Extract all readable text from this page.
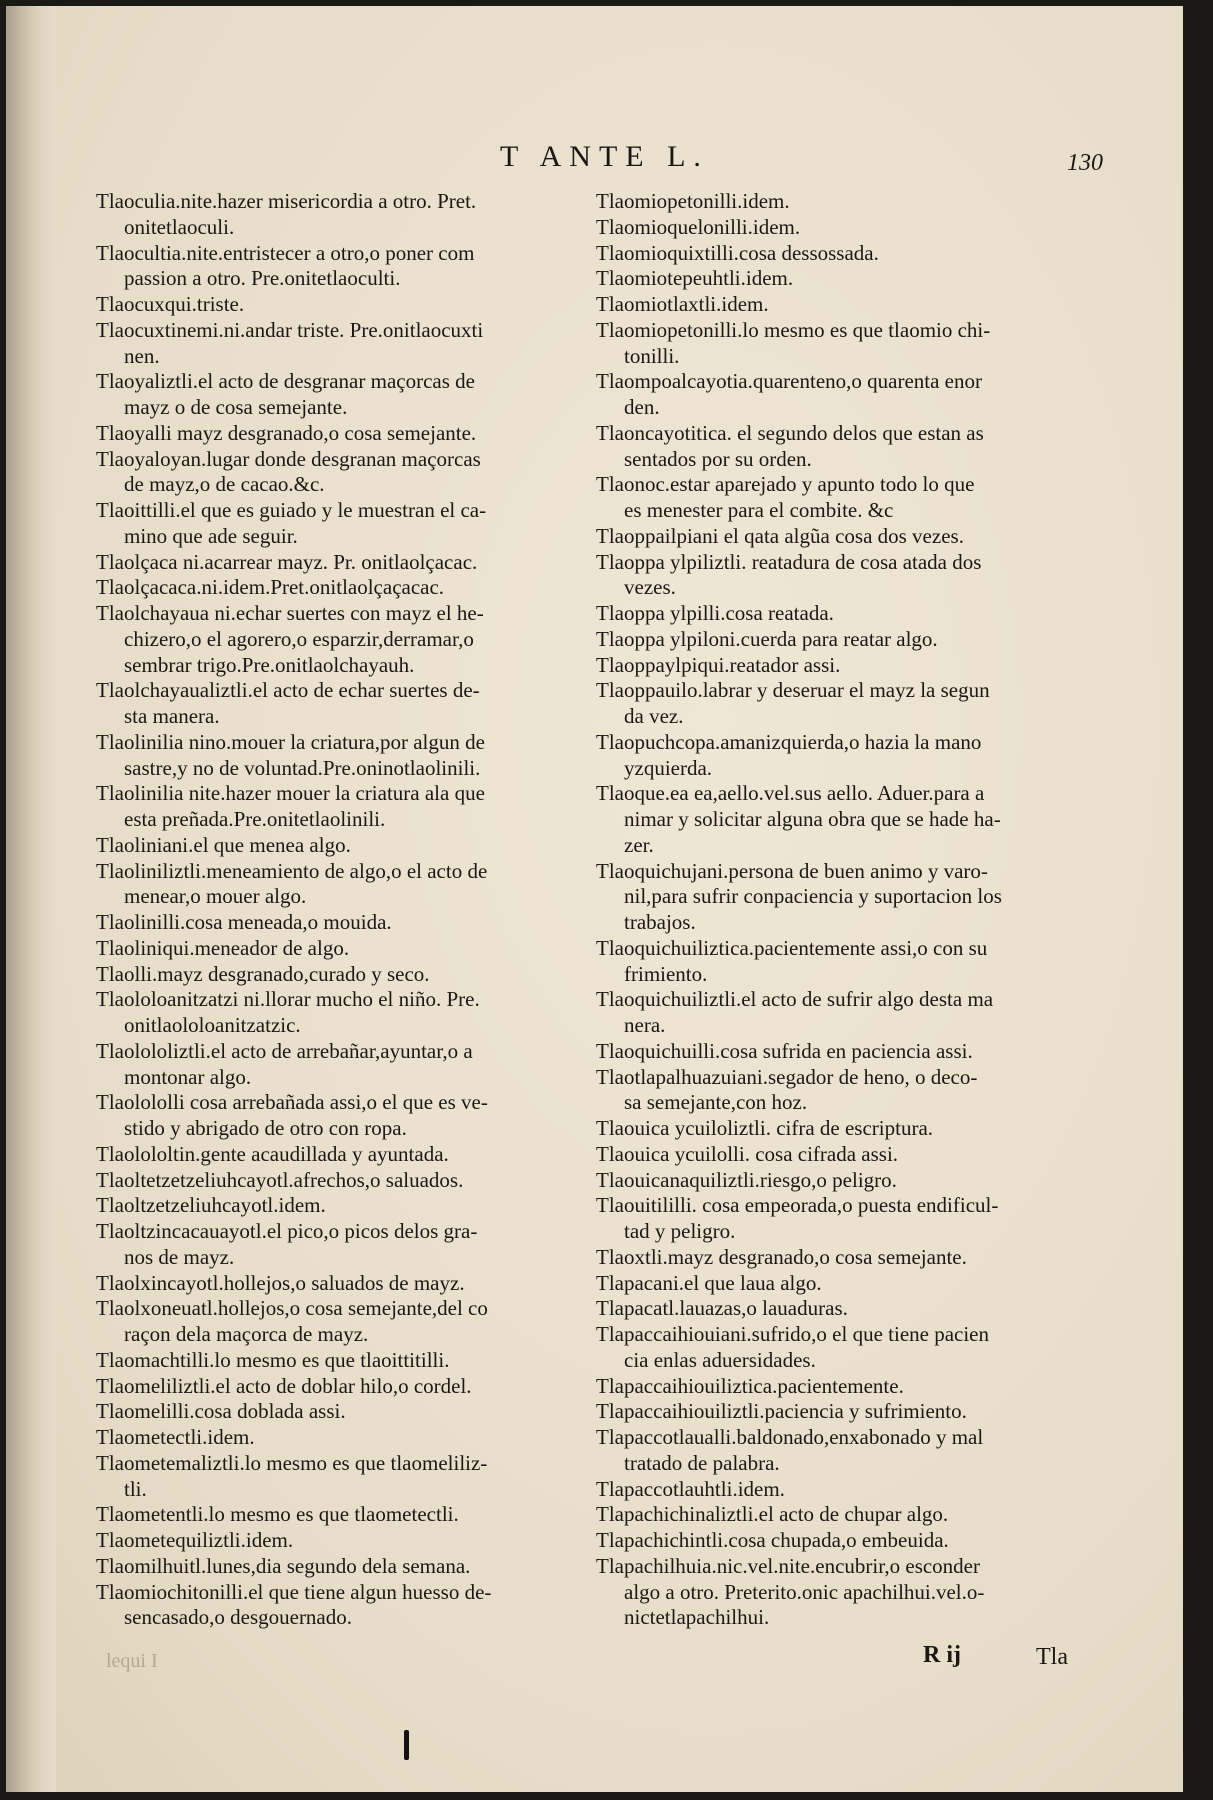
T ANTE L.	130
Tlaoculia.nite.hazer misericordia a otro. Pret.
onitetlaoculi.
Tlaocultia.nite.entristecer a otro,o poner com
passion a otro. Pre.onitetlaoculti.
Tlaocuxqui.triste.
Tlaocuxtinemi.ni.andar triste. Pre.onitlaocuxti
nen.
Tlaoyaliztli.el acto de desgranar maçorcas de
mayz o de cosa semejante.
Tlaoyalli mayz desgranado,o cosa semejante.
Tlaoyaloyan.lugar donde desgranan maçorcas
de mayz,o de cacao.&c.
Tlaoittilli.el que es guiado y le muestran el ca-
mino que ade seguir.
Tlaolçaca ni.acarrear mayz. Pr. onitlaolçacac.
Tlaolçacaca.ni.idem.Pret.onitlaolçaçacac.
Tlaolchayaua ni.echar suertes con mayz el he-
chizero,o el agorero,o esparzir,derramar,o
sembrar trigo.Pre.onitlaolchayauh.
Tlaolchayaualiztli.el acto de echar suertes de-
sta manera.
Tlaolinilia nino.mouer la criatura,por algun de
sastre,y no de voluntad.Pre.oninotlaolinili.
Tlaolinilia nite.hazer mouer la criatura ala que
esta preñada.Pre.onitetlaolinili.
Tlaoliniani.el que menea algo.
Tlaoliniliztli.meneamiento de algo,o el acto de
menear,o mouer algo.
Tlaolinilli.cosa meneada,o mouida.
Tlaoliniqui.meneador de algo.
Tlaolli.mayz desgranado,curado y seco.
Tlaololoanitzatzi ni.llorar mucho el niño. Pre.
onitlaololoanitzatzic.
Tlaolololiztli.el acto de arrebañar,ayuntar,o a
montonar algo.
Tlaolololli cosa arrebañada assi,o el que es ve-
stido y abrigado de otro con ropa.
Tlaolololtin.gente acaudillada y ayuntada.
Tlaoltetzetzeliuhcayotl.afrechos,o saluados.
Tlaoltzetzeliuhcayotl.idem.
Tlaoltzincacauayotl.el pico,o picos delos gra-
nos de mayz.
Tlaolxincayotl.hollejos,o saluados de mayz.
Tlaolxoneuatl.hollejos,o cosa semejante,del co
raçon dela maçorca de mayz.
Tlaomachtilli.lo mesmo es que tlaoittitilli.
Tlaomeliliztli.el acto de doblar hilo,o cordel.
Tlaomelilli.cosa doblada assi.
Tlaometectli.idem.
Tlaometemaliztli.lo mesmo es que tlaomeliliz-
tli.
Tlaometentli.lo mesmo es que tlaometectli.
Tlaometequiliztli.idem.
Tlaomilhuitl.lunes,dia segundo dela semana.
Tlaomiochitonilli.el que tiene algun huesso de-
sencasado,o desgouernado.
Tlaomiopetonilli.idem.
Tlaomioquelonilli.idem.
Tlaomioquixtilli.cosa dessossada.
Tlaomiotepeuhtli.idem.
Tlaomiotlaxtli.idem.
Tlaomiopetonilli.lo mesmo es que tlaomio chi-
tonilli.
Tlaompoalcayotia.quarenteno,o quarenta enor
den.
Tlaoncayotitica. el segundo delos que estan as
sentados por su orden.
Tlaonoc.estar aparejado y apunto todo lo que
es menester para el combite. &c
Tlaoppailpiani el qata algũa cosa dos vezes.
Tlaoppa ylpiliztli. reatadura de cosa atada dos
vezes.
Tlaoppa ylpilli.cosa reatada.
Tlaoppa ylpiloni.cuerda para reatar algo.
Tlaoppaylpiqui.reatador assi.
Tlaoppauilo.labrar y deseruar el mayz la segun
da vez.
Tlaopuchcopa.amanizquierda,o hazia la mano
yzquierda.
Tlaoque.ea ea,aello.vel.sus aello. Aduer.para a
nimar y solicitar alguna obra que se hade ha-
zer.
Tlaoquichujani.persona de buen animo y varo-
nil,para sufrir conpaciencia y suportacion los
trabajos.
Tlaoquichuiliztica.pacientemente assi,o con su
frimiento.
Tlaoquichuiliztli.el acto de sufrir algo desta ma
nera.
Tlaoquichuilli.cosa sufrida en paciencia assi.
Tlaotlapalhuazuiani.segador de heno, o deco-
sa semejante,con hoz.
Tlaouica ycuiloliztli. cifra de escriptura.
Tlaouica ycuilolli. cosa cifrada assi.
Tlaouicanaquiliztli.riesgo,o peligro.
Tlaouitililli. cosa empeorada,o puesta endificul-
tad y peligro.
Tlaoxtli.mayz desgranado,o cosa semejante.
Tlapacani.el que laua algo.
Tlapacatl.lauazas,o lauaduras.
Tlapaccaihiouiani.sufrido,o el que tiene pacien
cia enlas aduersidades.
Tlapaccaihiouiliztica.pacientemente.
Tlapaccaihiouiliztli.paciencia y sufrimiento.
Tlapaccotlaualli.baldonado,enxabonado y mal
tratado de palabra.
Tlapaccotlauhtli.idem.
Tlapachichinaliztli.el acto de chupar algo.
Tlapachichintli.cosa chupada,o embeuida.
Tlapachilhuia.nic.vel.nite.encubrir,o esconder
algo a otro. Preterito.onic apachilhui.vel.o-
nictetlapachilhui.
lequi I	R ij	Tla
